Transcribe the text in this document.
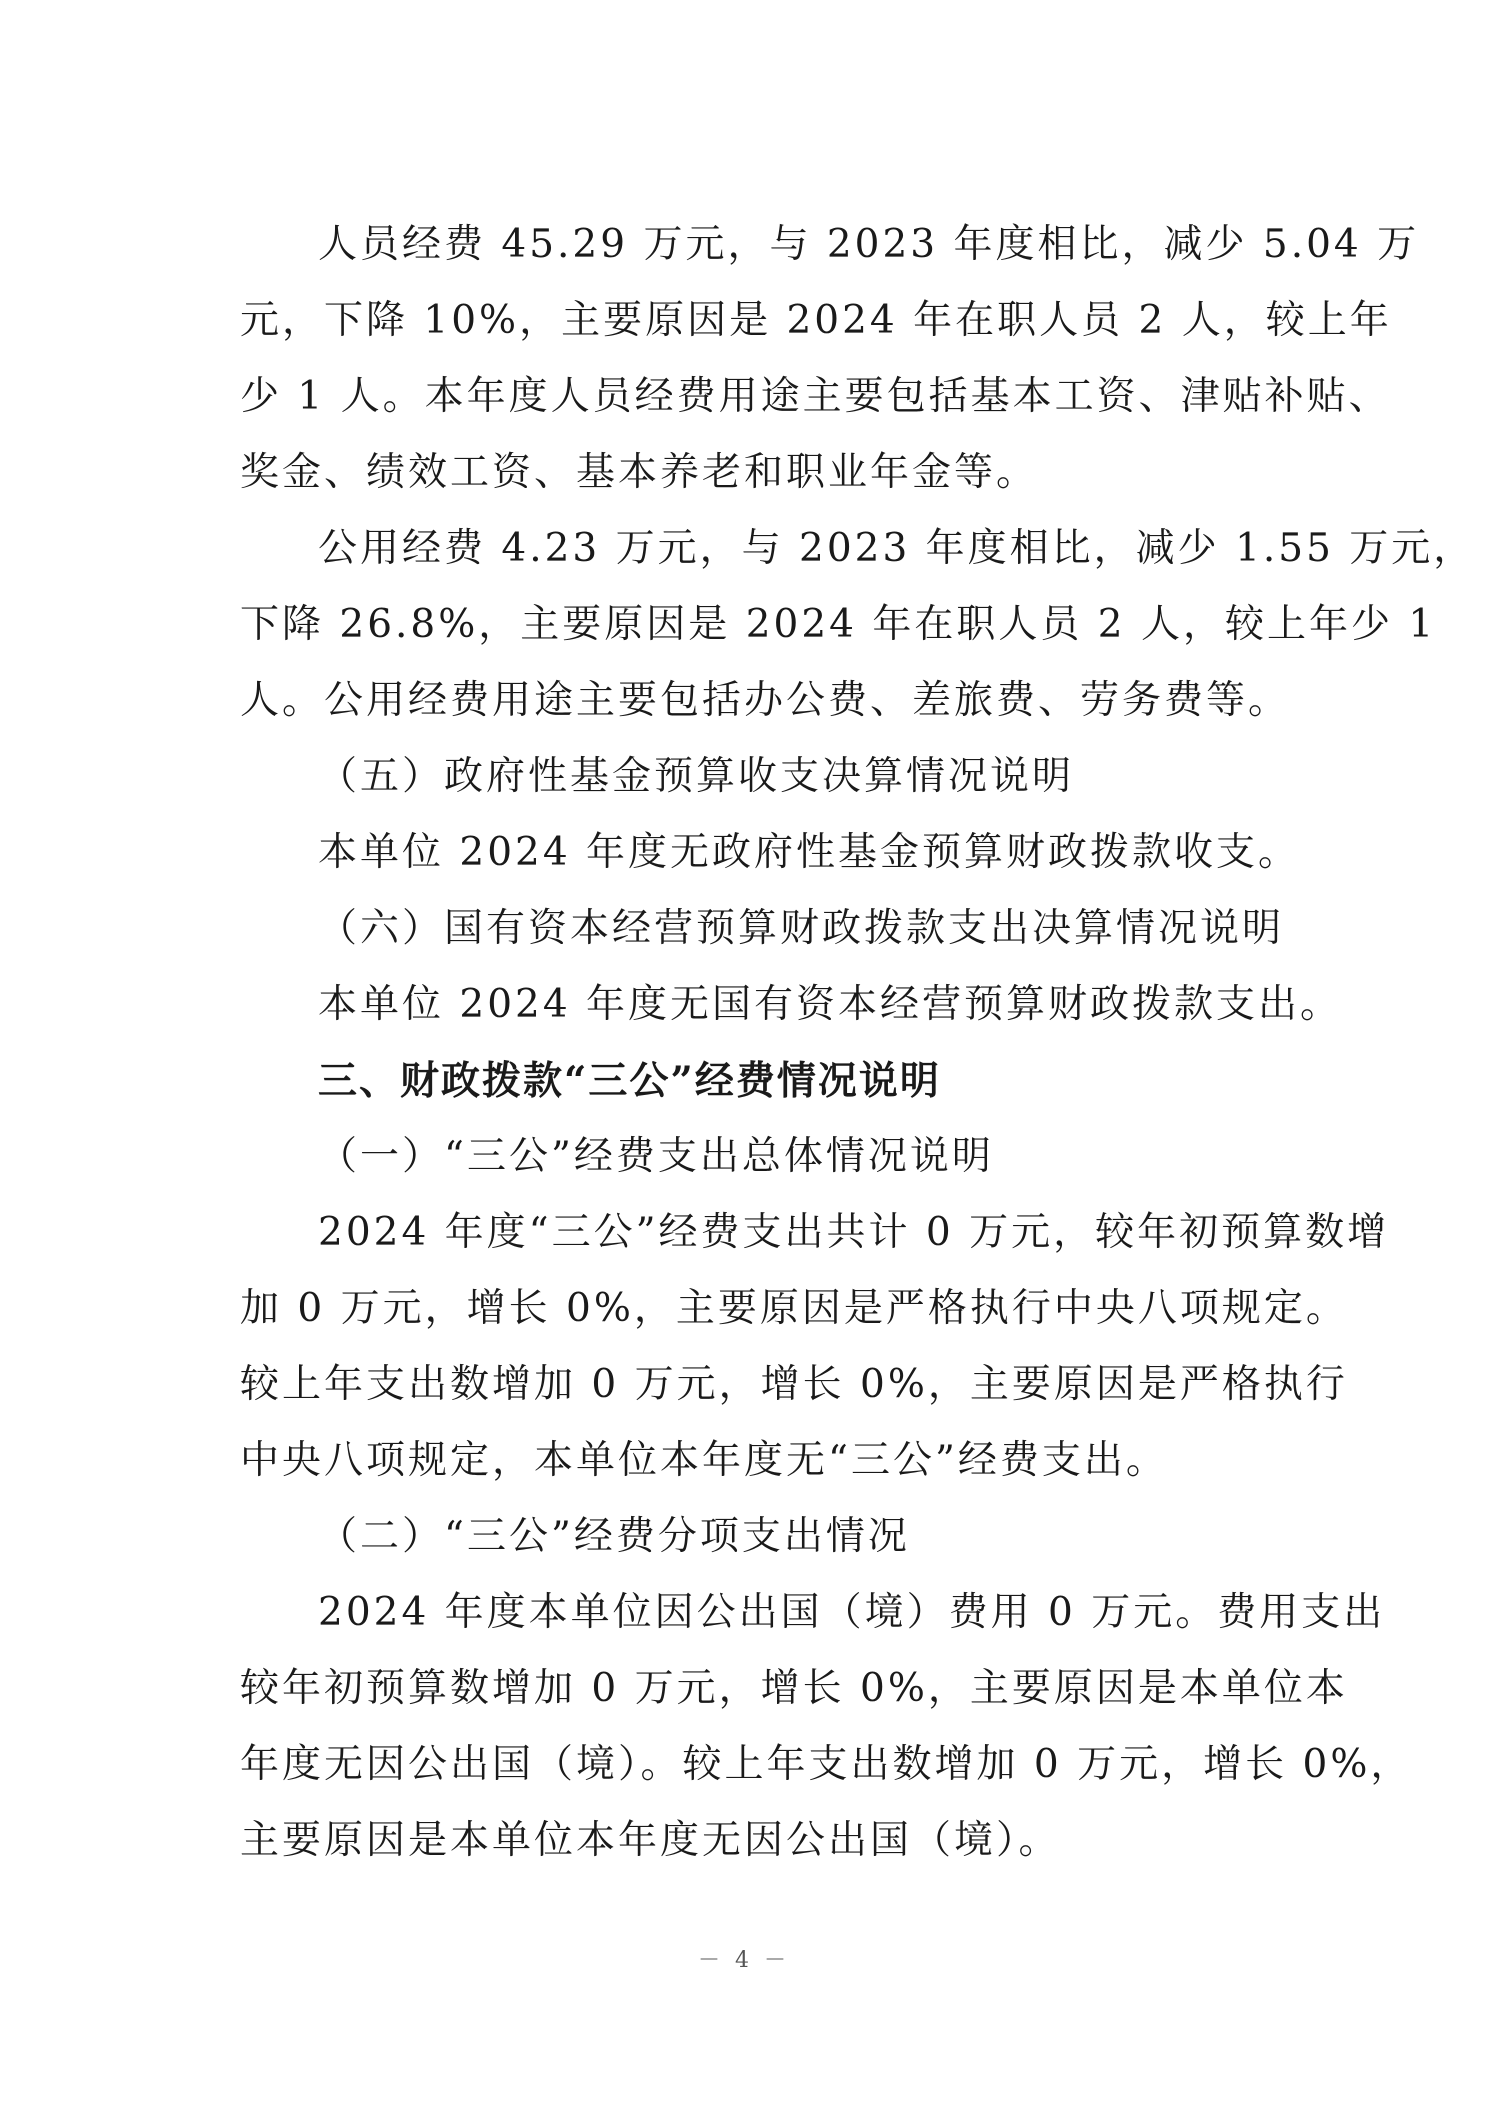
人员经费 45.29 万元，与 2023 年度相比，减少 5.04 万
元，下降 10%，主要原因是 2024 年在职人员 2 人，较上年
少 1 人。本年度人员经费用途主要包括基本工资、津贴补贴、
奖金、绩效工资、基本养老和职业年金等。
公用经费 4.23 万元，与 2023 年度相比，减少 1.55 万元，
下降 26.8%，主要原因是 2024 年在职人员 2 人，较上年少 1
人。公用经费用途主要包括办公费、差旅费、劳务费等。
（五）政府性基金预算收支决算情况说明
本单位 2024 年度无政府性基金预算财政拨款收支。
（六）国有资本经营预算财政拨款支出决算情况说明
本单位 2024 年度无国有资本经营预算财政拨款支出。
三、财政拨款“三公”经费情况说明
（一）“三公”经费支出总体情况说明
2024 年度“三公”经费支出共计 0 万元，较年初预算数增
加 0 万元，增长 0%，主要原因是严格执行中央八项规定。
较上年支出数增加 0 万元，增长 0%，主要原因是严格执行
中央八项规定，本单位本年度无“三公”经费支出。
（二）“三公”经费分项支出情况
2024 年度本单位因公出国（境）费用 0 万元。费用支出
较年初预算数增加 0 万元，增长 0%，主要原因是本单位本
年度无因公出国（境）。较上年支出数增加 0 万元，增长 0%，
主要原因是本单位本年度无因公出国（境）。
－ 4 －
